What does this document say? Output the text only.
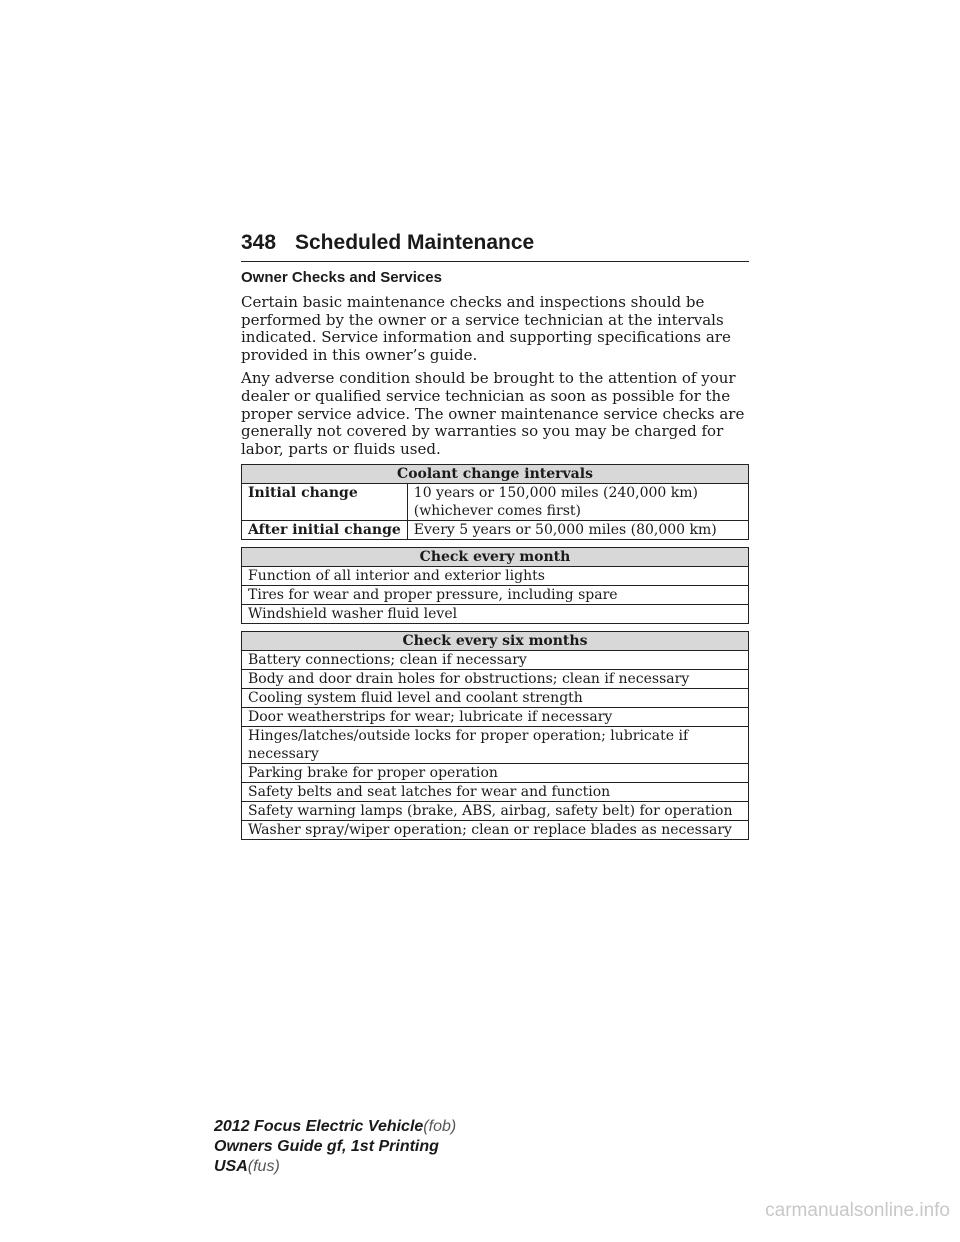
348 Scheduled Maintenance
Owner Checks and Services

Certain basic maintenance checks and inspections should be performed by the owner or a service technician at the intervals indicated. Service information and supporting specifications are provided in this owner’s guide.

Any adverse condition should be brought to the attention of your dealer or qualified service technician as soon as possible for the proper service advice. The owner maintenance service checks are generally not covered by warranties so you may be charged for labor, parts or fluids used.

Coolant change intervals	
Initial change	10 years or 150,000 miles (240,000 km)
(whichever comes first)

After initial change	Every 5 years or 50,000 miles (80,000 km)
Check every month
Function of all interior and exterior lights
Tires for wear and proper pressure, including spare
Windshield washer fluid level
Check every six months
Battery connections; clean if necessary
Body and door drain holes for obstructions; clean if necessary
Cooling system fluid level and coolant strength
Door weatherstrips for wear; lubricate if necessary
Hinges/latches/outside locks for proper operation; lubricate if necessary
Parking brake for proper operation
Safety belts and seat latches for wear and function
Safety warning lamps (brake, ABS, airbag, safety belt) for operation
Washer spray/wiper operation; clean or replace blades as necessary
2012 Focus Electric Vehicle(fob)
Owners Guide gf, 1st Printing
USA(fus)
carmanualsonline.info
